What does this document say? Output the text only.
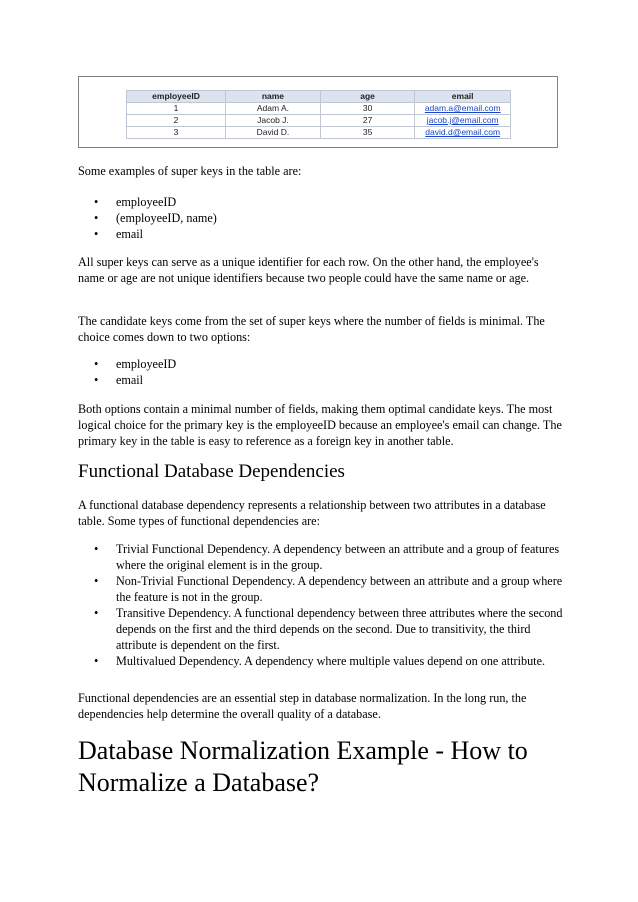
employeeID	name	age	email
1	Adam A.	30	adam.a@email.com
2	Jacob J.	27	jacob.j@email.com
3	David D.	35	david.d@email.com

Some examples of super keys in the table are:

• employeeID
• (employeeID, name)
• email

All super keys can serve as a unique identifier for each row. On the other hand, the employee's name or age are not unique identifiers because two people could have the same name or age.

The candidate keys come from the set of super keys where the number of fields is minimal. The choice comes down to two options:

• employeeID
• email

Both options contain a minimal number of fields, making them optimal candidate keys. The most logical choice for the primary key is the employeeID because an employee's email can change. The primary key in the table is easy to reference as a foreign key in another table.

Functional Database Dependencies

A functional database dependency represents a relationship between two attributes in a database table. Some types of functional dependencies are:

• Trivial Functional Dependency. A dependency between an attribute and a group of features where the original element is in the group.
• Non-Trivial Functional Dependency. A dependency between an attribute and a group where the feature is not in the group.
• Transitive Dependency. A functional dependency between three attributes where the second depends on the first and the third depends on the second. Due to transitivity, the third attribute is dependent on the first.
• Multivalued Dependency. A dependency where multiple values depend on one attribute.

Functional dependencies are an essential step in database normalization. In the long run, the dependencies help determine the overall quality of a database.

Database Normalization Example - How to Normalize a Database?
